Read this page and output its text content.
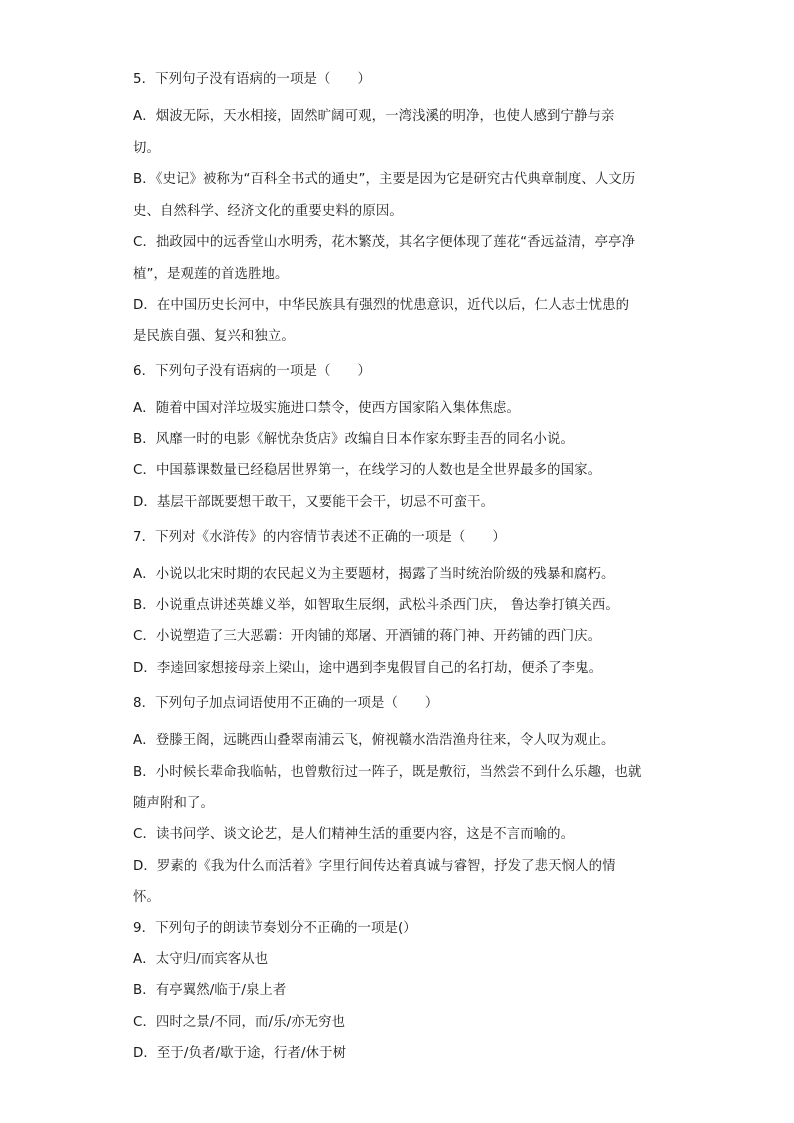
5．下列句子没有语病的一项是（　　）
A．烟波无际，天水相接，固然旷阔可观，一湾浅溪的明净，也使人感到宁静与亲
切。
B．《史记》被称为“百科全书式的通史”，主要是因为它是研究古代典章制度、人文历
史、自然科学、经济文化的重要史料的原因。
C．拙政园中的远香堂山水明秀，花木繁茂，其名字便体现了莲花“香远益清，亭亭净
植”，是观莲的首选胜地。
D．在中国历史长河中，中华民族具有强烈的忧患意识，近代以后，仁人志士忧患的
是民族自强、复兴和独立。
6．下列句子没有语病的一项是（　　）
A．随着中国对洋垃圾实施进口禁令，使西方国家陷入集体焦虑。
B．风靡一时的电影《解忧杂货店》改编自日本作家东野圭吾的同名小说。
C．中国慕课数量已经稳居世界第一，在线学习的人数也是全世界最多的国家。
D．基层干部既要想干敢干，又要能干会干，切忌不可蛮干。
7．下列对《水浒传》的内容情节表述不正确的一项是（　　）
A．小说以北宋时期的农民起义为主要题材，揭露了当时统治阶级的残暴和腐朽。
B．小说重点讲述英雄义举，如智取生辰纲，武松斗杀西门庆， 鲁达拳打镇关西。
C．小说塑造了三大恶霸：开肉铺的郑屠、开酒铺的蒋门神、开药铺的西门庆。
D．李逵回家想接母亲上梁山，途中遇到李鬼假冒自己的名打劫，便杀了李鬼。
8．下列句子加点词语使用不正确的一项是（　　）
A．登滕王阁，远眺西山叠翠南浦云飞，俯视赣水浩浩渔舟往来，令人叹为观止。
B．小时候长辈命我临帖，也曾敷衍过一阵子，既是敷衍，当然尝不到什么乐趣，也就
随声附和了。
C．读书问学、谈文论艺，是人们精神生活的重要内容，这是不言而喻的。
D．罗素的《我为什么而活着》字里行间传达着真诚与睿智，抒发了悲天悯人的情
怀。
9．下列句子的朗读节奏划分不正确的一项是(）
A．太守归/而宾客从也
B．有亭翼然/临于/泉上者
C．四时之景/不同，而/乐/亦无穷也
D．至于/负者/歇于途，行者/休于树
